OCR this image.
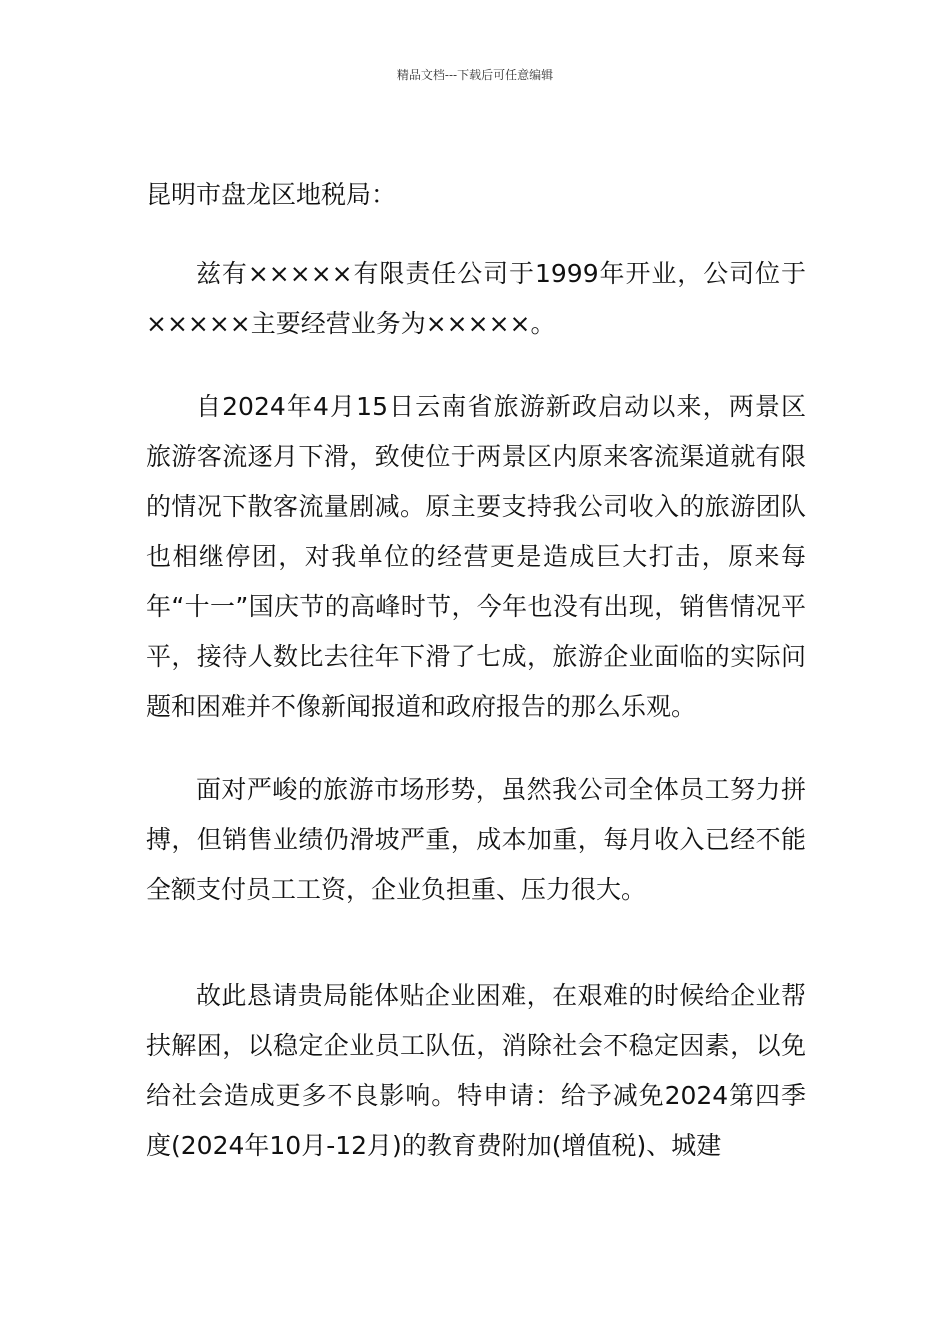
精品文档---下载后可任意编辑

昆明市盘龙区地税局：

兹有×××××有限责任公司于1999年开业，公司位于×××××主要经营业务为×××××。

自2024年4月15日云南省旅游新政启动以来，两景区旅游客流逐月下滑，致使位于两景区内原来客流渠道就有限的情况下散客流量剧减。原主要支持我公司收入的旅游团队也相继停团，对我单位的经营更是造成巨大打击，原来每年“十一”国庆节的高峰时节，今年也没有出现，销售情况平平，接待人数比去往年下滑了七成，旅游企业面临的实际问题和困难并不像新闻报道和政府报告的那么乐观。

面对严峻的旅游市场形势，虽然我公司全体员工努力拼搏，但销售业绩仍滑坡严重，成本加重，每月收入已经不能全额支付员工工资，企业负担重、压力很大。

故此恳请贵局能体贴企业困难，在艰难的时候给企业帮扶解困，以稳定企业员工队伍，消除社会不稳定因素，以免给社会造成更多不良影响。特申请：给予减免2024第四季度(2024年10月-12月)的教育费附加(增值税)、城建
